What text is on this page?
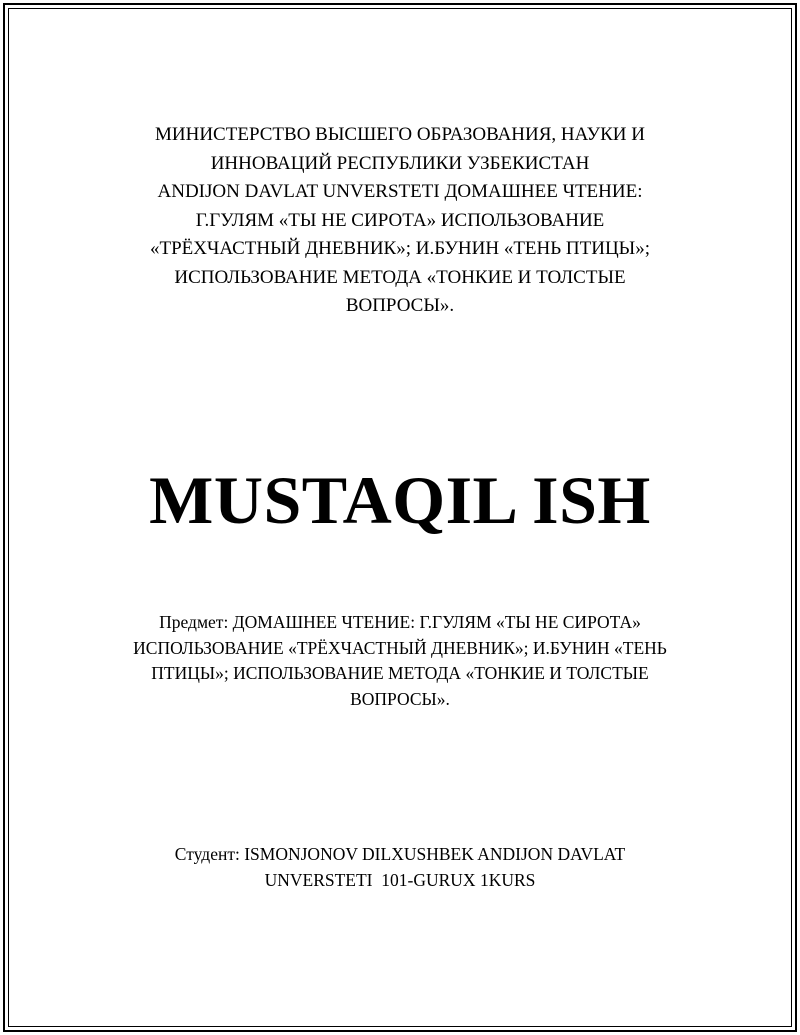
МИНИСТЕРСТВО ВЫСШЕГО ОБРАЗОВАНИЯ, НАУКИ И
ИННОВАЦИЙ РЕСПУБЛИКИ УЗБЕКИСТАН
ANDIJON DAVLAT UNVERSTETI ДОМАШНЕЕ ЧТЕНИЕ:
Г.ГУЛЯМ «ТЫ НЕ СИРОТА» ИСПОЛЬЗОВАНИЕ
«ТРЁХЧАСТНЫЙ ДНЕВНИК»; И.БУНИН «ТЕНЬ ПТИЦЫ»;
ИСПОЛЬЗОВАНИЕ МЕТОДА «ТОНКИЕ И ТОЛСТЫЕ
ВОПРОСЫ».
MUSTAQIL ISH
Предмет: ДОМАШНЕЕ ЧТЕНИЕ: Г.ГУЛЯМ «ТЫ НЕ СИРОТА»
ИСПОЛЬЗОВАНИЕ «ТРЁХЧАСТНЫЙ ДНЕВНИК»; И.БУНИН «ТЕНЬ
ПТИЦЫ»; ИСПОЛЬЗОВАНИЕ МЕТОДА «ТОНКИЕ И ТОЛСТЫЕ
ВОПРОСЫ».
Студент: ISMONJONOV DILXUSHBEK ANDIJON DAVLAT
UNVERSTETI  101-GURUX 1KURS
